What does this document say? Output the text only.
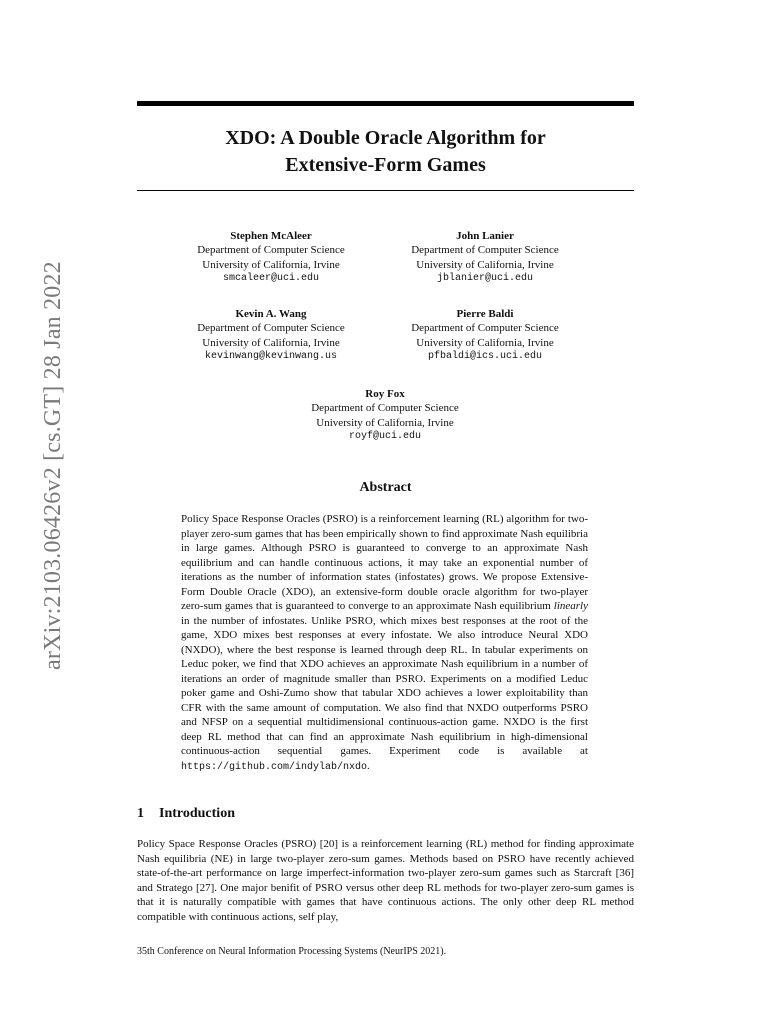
arXiv:2103.06426v2 [cs.GT] 28 Jan 2022
XDO: A Double Oracle Algorithm for
Extensive-Form Games
Stephen McAleer
Department of Computer Science
University of California, Irvine
smcaleer@uci.edu
John Lanier
Department of Computer Science
University of California, Irvine
jblanier@uci.edu
Kevin A. Wang
Department of Computer Science
University of California, Irvine
kevinwang@kevinwang.us
Pierre Baldi
Department of Computer Science
University of California, Irvine
pfbaldi@ics.uci.edu
Roy Fox
Department of Computer Science
University of California, Irvine
royf@uci.edu
Abstract

Policy Space Response Oracles (PSRO) is a reinforcement learning (RL) algorithm for two-player zero-sum games that has been empirically shown to find approximate Nash equilibria in large games. Although PSRO is guaranteed to converge to an approximate Nash equilibrium and can handle continuous actions, it may take an exponential number of iterations as the number of information states (infostates) grows. We propose Extensive-Form Double Oracle (XDO), an extensive-form double oracle algorithm for two-player zero-sum games that is guaranteed to converge to an approximate Nash equilibrium linearly in the number of infostates. Unlike PSRO, which mixes best responses at the root of the game, XDO mixes best responses at every infostate. We also introduce Neural XDO (NXDO), where the best response is learned through deep RL. In tabular experiments on Leduc poker, we find that XDO achieves an approximate Nash equilibrium in a number of iterations an order of magnitude smaller than PSRO. Experiments on a modified Leduc poker game and Oshi-Zumo show that tabular XDO achieves a lower exploitability than CFR with the same amount of computation. We also find that NXDO outperforms PSRO and NFSP on a sequential multidimensional continuous-action game. NXDO is the first deep RL method that can find an approximate Nash equilibrium in high-dimensional continuous-action sequential games. Experiment code is available at https://github.com/indylab/nxdo.

1 Introduction

Policy Space Response Oracles (PSRO) [20] is a reinforcement learning (RL) method for finding approximate Nash equilibria (NE) in large two-player zero-sum games. Methods based on PSRO have recently achieved state-of-the-art performance on large imperfect-information two-player zero-sum games such as Starcraft [36] and Stratego [27]. One major benifit of PSRO versus other deep RL methods for two-player zero-sum games is that it is naturally compatible with games that have continuous actions. The only other deep RL method compatible with continuous actions, self play,

35th Conference on Neural Information Processing Systems (NeurIPS 2021).
